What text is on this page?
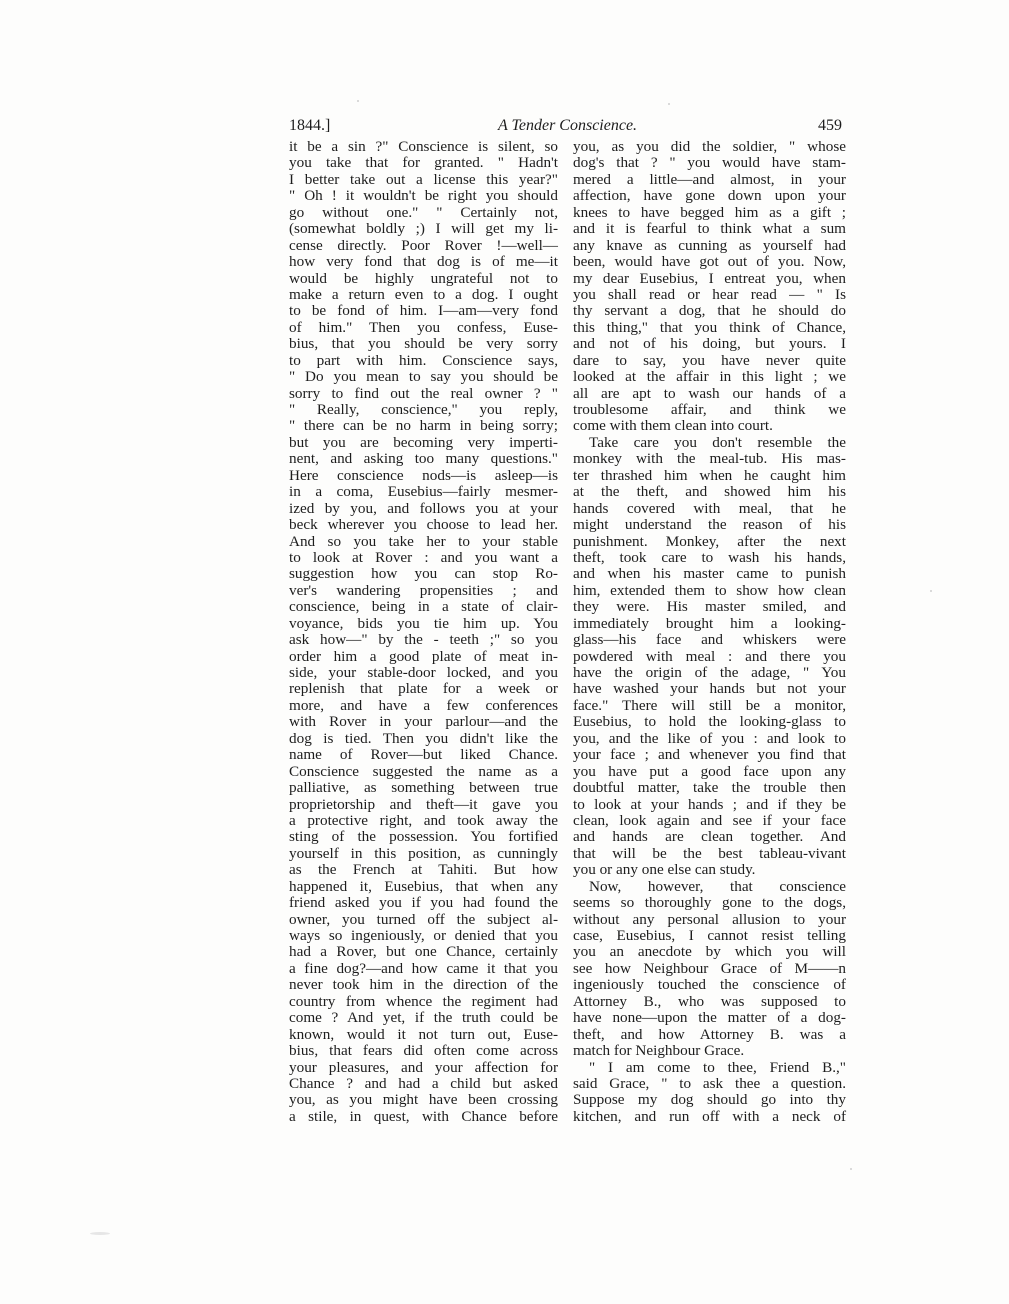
1844.]	A Tender Conscience.	459
it be a sin ?" Conscience is silent, so
you take that for granted. " Hadn't
I better take out a license this year?"
" Oh ! it wouldn't be right you should
go without one." " Certainly not,
(somewhat boldly ;) I will get my li-
cense directly. Poor Rover !—well—
how very fond that dog is of me—it
would be highly ungrateful not to
make a return even to a dog. I ought
to be fond of him. I—am—very fond
of him." Then you confess, Euse-
bius, that you should be very sorry
to part with him. Conscience says,
" Do you mean to say you should be
sorry to find out the real owner ? "
" Really, conscience," you reply,
" there can be no harm in being sorry;
but you are becoming very imperti-
nent, and asking too many questions."
Here conscience nods—is asleep—is
in a coma, Eusebius—fairly mesmer-
ized by you, and follows you at your
beck wherever you choose to lead her.
And so you take her to your stable
to look at Rover : and you want a
suggestion how you can stop Ro-
ver's wandering propensities ; and
conscience, being in a state of clair-
voyance, bids you tie him up. You
ask how—" by the - teeth ;" so you
order him a good plate of meat in-
side, your stable-door locked, and you
replenish that plate for a week or
more, and have a few conferences
with Rover in your parlour—and the
dog is tied. Then you didn't like the
name of Rover—but liked Chance.
Conscience suggested the name as a
palliative, as something between true
proprietorship and theft—it gave you
a protective right, and took away the
sting of the possession. You fortified
yourself in this position, as cunningly
as the French at Tahiti. But how
happened it, Eusebius, that when any
friend asked you if you had found the
owner, you turned off the subject al-
ways so ingeniously, or denied that you
had a Rover, but one Chance, certainly
a fine dog?—and how came it that you
never took him in the direction of the
country from whence the regiment had
come ? And yet, if the truth could be
known, would it not turn out, Euse-
bius, that fears did often come across
your pleasures, and your affection for
Chance ? and had a child but asked
you, as you might have been crossing
a stile, in quest, with Chance before
you, as you did the soldier, " whose
dog's that ? " you would have stam-
mered a little—and almost, in your
affection, have gone down upon your
knees to have begged him as a gift ;
and it is fearful to think what a sum
any knave as cunning as yourself had
been, would have got out of you. Now,
my dear Eusebius, I entreat you, when
you shall read or hear read — " Is
thy servant a dog, that he should do
this thing," that you think of Chance,
and not of his doing, but yours. I
dare to say, you have never quite
looked at the affair in this light ; we
all are apt to wash our hands of a
troublesome affair, and think we
come with them clean into court.
Take care you don't resemble the
monkey with the meal-tub. His mas-
ter thrashed him when he caught him
at the theft, and showed him his
hands covered with meal, that he
might understand the reason of his
punishment. Monkey, after the next
theft, took care to wash his hands,
and when his master came to punish
him, extended them to show how clean
they were. His master smiled, and
immediately brought him a looking-
glass—his face and whiskers were
powdered with meal : and there you
have the origin of the adage, " You
have washed your hands but not your
face." There will still be a monitor,
Eusebius, to hold the looking-glass to
you, and the like of you : and look to
your face ; and whenever you find that
you have put a good face upon any
doubtful matter, take the trouble then
to look at your hands ; and if they be
clean, look again and see if your face
and hands are clean together. And
that will be the best tableau-vivant
you or any one else can study.
Now, however, that conscience
seems so thoroughly gone to the dogs,
without any personal allusion to your
case, Eusebius, I cannot resist telling
you an anecdote by which you will
see how Neighbour Grace of M——n
ingeniously touched the conscience of
Attorney B., who was supposed to
have none—upon the matter of a dog-
theft, and how Attorney B. was a
match for Neighbour Grace.
" I am come to thee, Friend B.,"
said Grace, " to ask thee a question.
Suppose my dog should go into thy
kitchen, and run off with a neck of
